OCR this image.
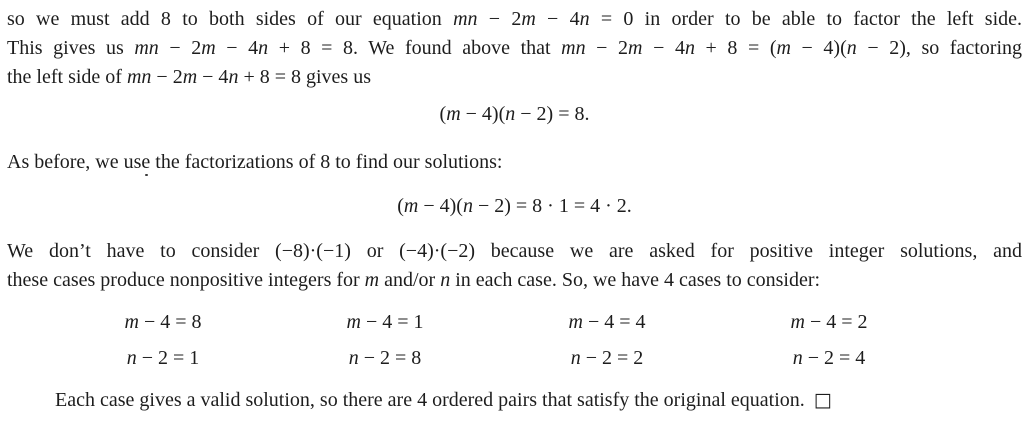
so we must add 8 to both sides of our equation mn − 2m − 4n = 0 in order to be able to factor the left side.
This gives us mn − 2m − 4n + 8 = 8. We found above that mn − 2m − 4n + 8 = (m − 4)(n − 2), so factoring
the left side of mn − 2m − 4n + 8 = 8 gives us
(m − 4)(n − 2) = 8.
As before, we use the factorizations of 8 to find our solutions:
(m − 4)(n − 2) = 8 · 1 = 4 · 2.
We don’t have to consider (−8)·(−1) or (−4)·(−2) because we are asked for positive integer solutions, and
these cases produce nonpositive integers for m and/or n in each case. So, we have 4 cases to consider:
m − 4 = 8
n − 2 = 1
m − 4 = 1
n − 2 = 8
m − 4 = 4
n − 2 = 2
m − 4 = 2
n − 2 = 4
Each case gives a valid solution, so there are 4 ordered pairs that satisfy the original equation. □
